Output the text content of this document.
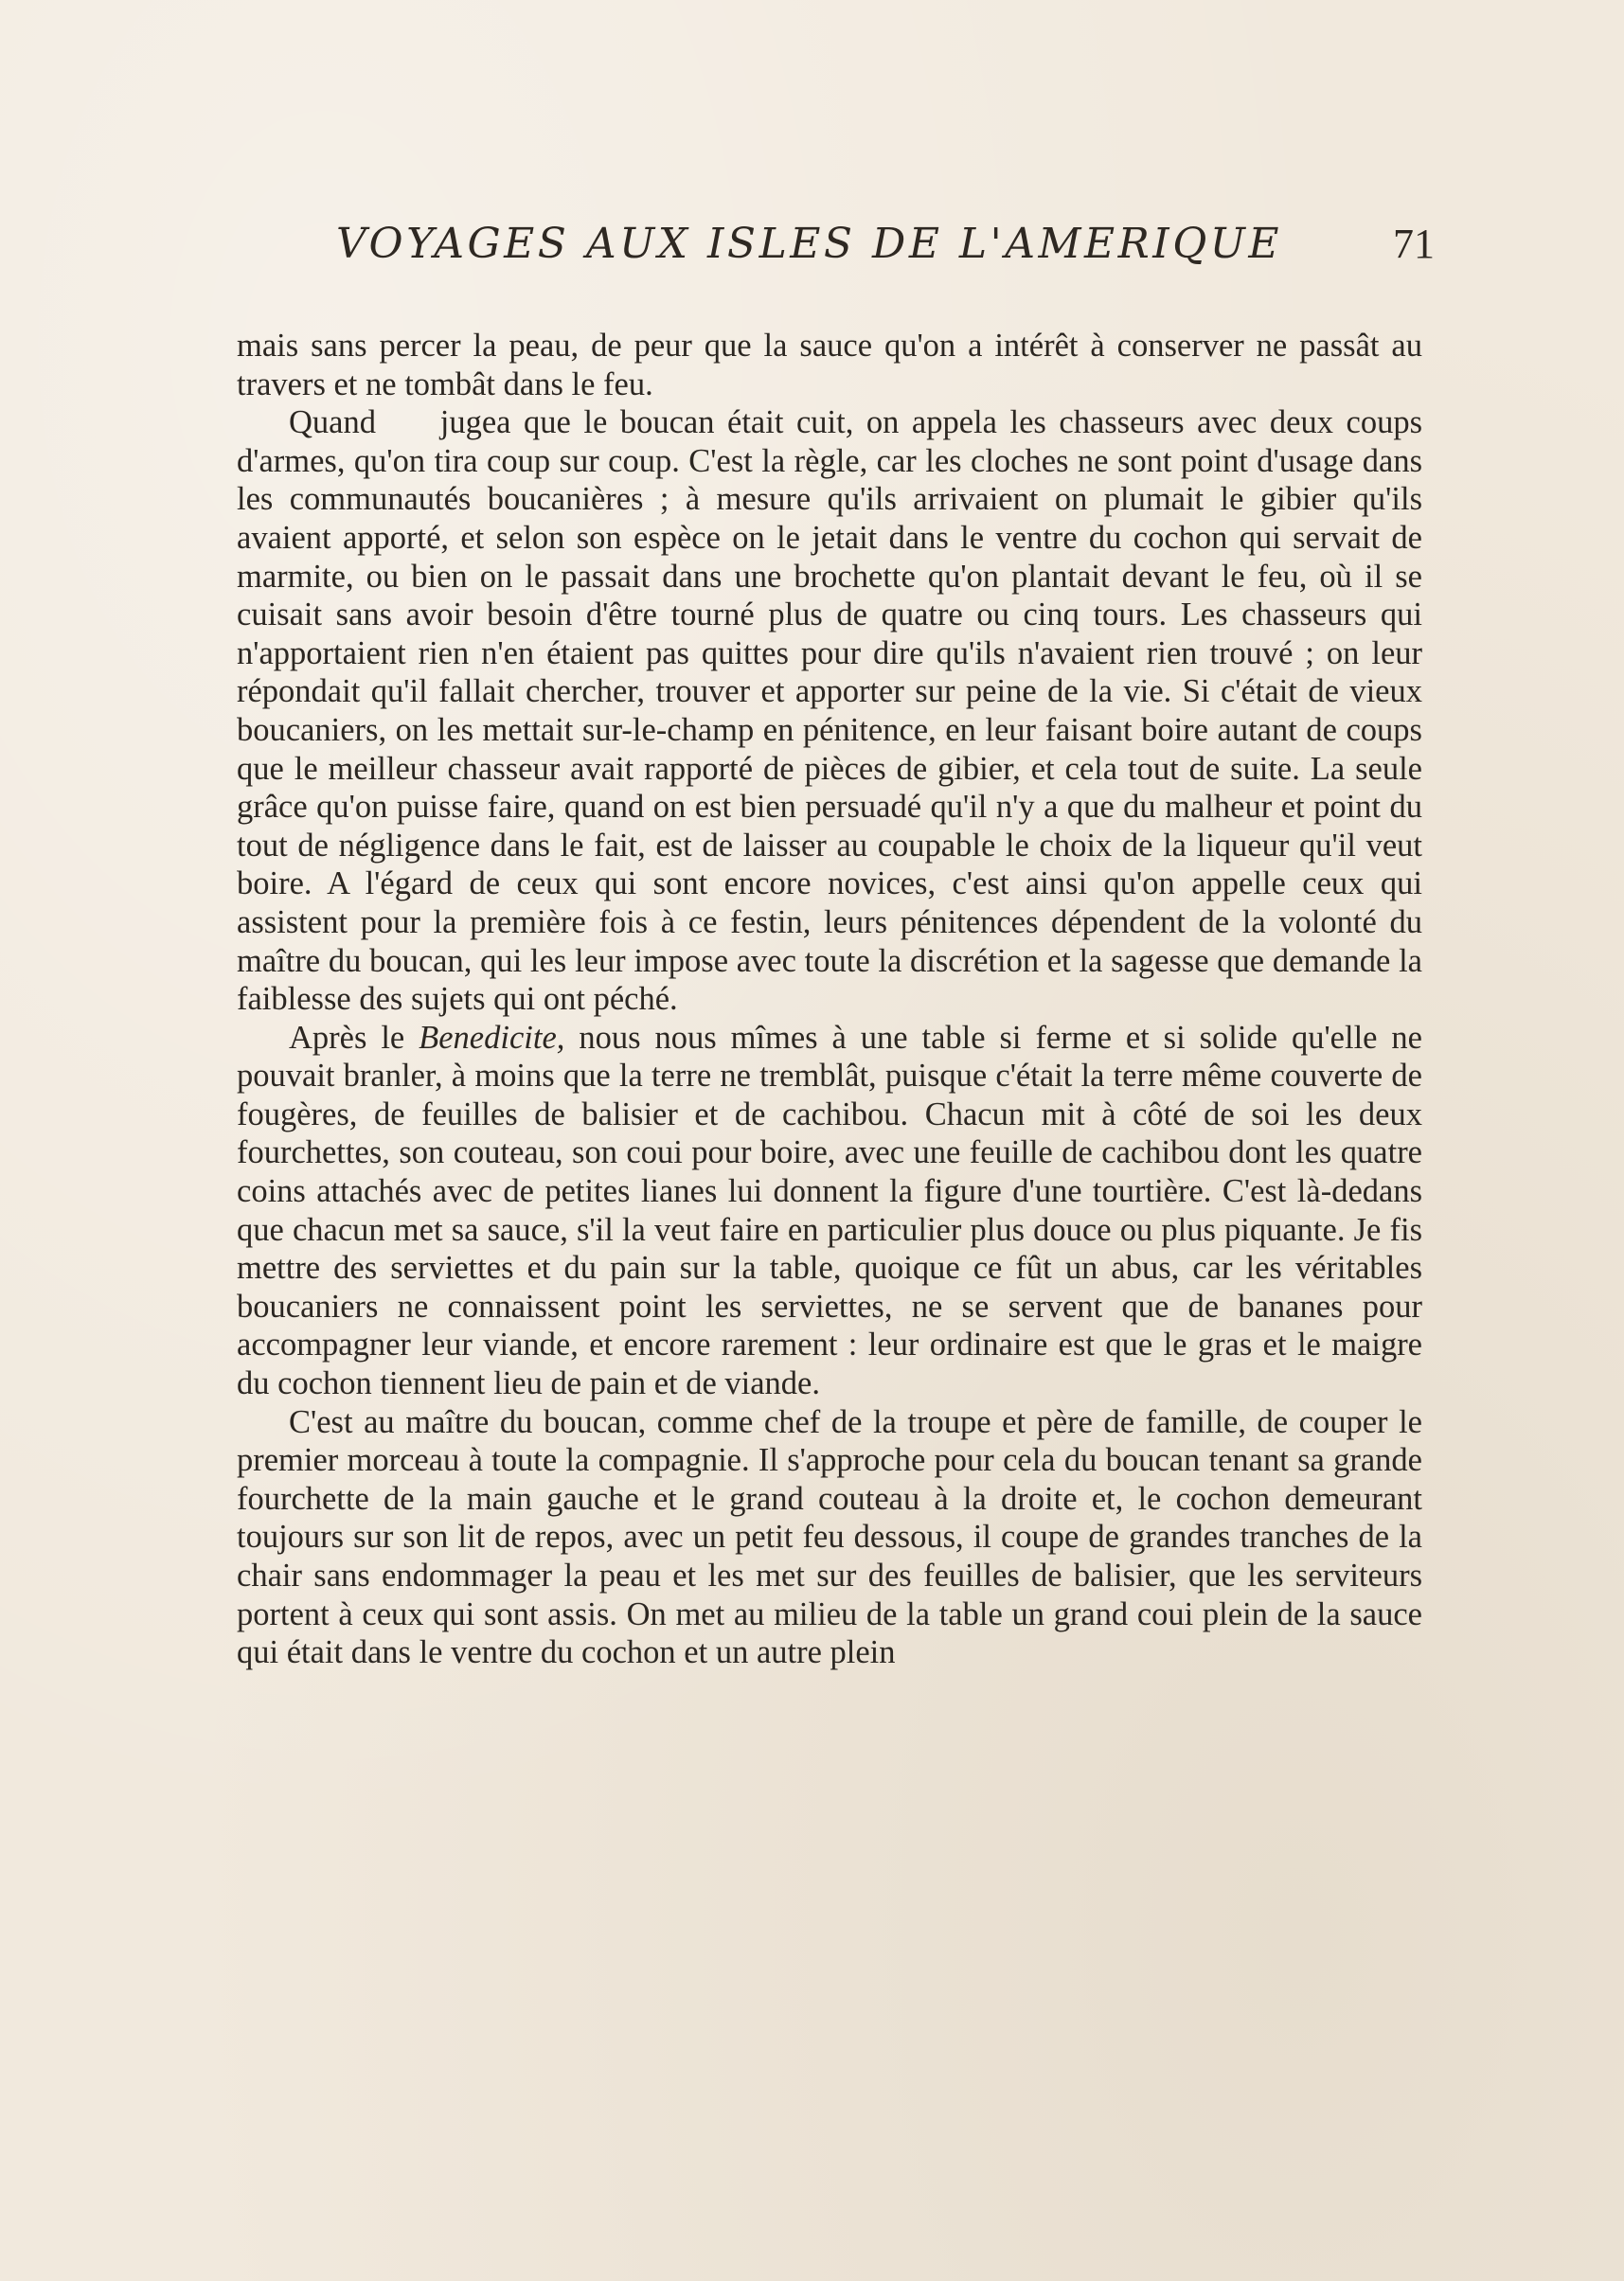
VOYAGES AUX ISLES DE L'AMERIQUE	71

mais sans percer la peau, de peur que la sauce qu'on a intérêt à conserver ne passât au travers et ne tombât dans le feu.

Quand     jugea que le boucan était cuit, on appela les chasseurs avec deux coups d'armes, qu'on tira coup sur coup. C'est la règle, car les cloches ne sont point d'usage dans les communautés boucanières ; à mesure qu'ils arrivaient on plumait le gibier qu'ils avaient apporté, et selon son espèce on le jetait dans le ventre du cochon qui servait de marmite, ou bien on le passait dans une brochette qu'on plantait devant le feu, où il se cuisait sans avoir besoin d'être tourné plus de quatre ou cinq tours. Les chasseurs qui n'apportaient rien n'en étaient pas quittes pour dire qu'ils n'avaient rien trouvé ; on leur répondait qu'il fallait chercher, trouver et apporter sur peine de la vie. Si c'était de vieux boucaniers, on les mettait sur-le-champ en pénitence, en leur faisant boire autant de coups que le meilleur chasseur avait rapporté de pièces de gibier, et cela tout de suite. La seule grâce qu'on puisse faire, quand on est bien persuadé qu'il n'y a que du malheur et point du tout de négligence dans le fait, est de laisser au coupable le choix de la liqueur qu'il veut boire. A l'égard de ceux qui sont encore novices, c'est ainsi qu'on appelle ceux qui assistent pour la première fois à ce festin, leurs pénitences dépendent de la volonté du maître du boucan, qui les leur impose avec toute la discrétion et la sagesse que demande la faiblesse des sujets qui ont péché.

Après le Benedicite, nous nous mîmes à une table si ferme et si solide qu'elle ne pouvait branler, à moins que la terre ne tremblât, puisque c'était la terre même couverte de fougères, de feuilles de balisier et de cachibou. Chacun mit à côté de soi les deux fourchettes, son couteau, son coui pour boire, avec une feuille de cachibou dont les quatre coins attachés avec de petites lianes lui donnent la figure d'une tourtière. C'est là-dedans que chacun met sa sauce, s'il la veut faire en particulier plus douce ou plus piquante. Je fis mettre des serviettes et du pain sur la table, quoique ce fût un abus, car les véritables boucaniers ne connaissent point les serviettes, ne se servent que de bananes pour accompagner leur viande, et encore rarement : leur ordinaire est que le gras et le maigre du cochon tiennent lieu de pain et de viande.

C'est au maître du boucan, comme chef de la troupe et père de famille, de couper le premier morceau à toute la compagnie. Il s'approche pour cela du boucan tenant sa grande fourchette de la main gauche et le grand couteau à la droite et, le cochon demeurant toujours sur son lit de repos, avec un petit feu dessous, il coupe de grandes tranches de la chair sans endommager la peau et les met sur des feuilles de balisier, que les serviteurs portent à ceux qui sont assis. On met au milieu de la table un grand coui plein de la sauce qui était dans le ventre du cochon et un autre plein
